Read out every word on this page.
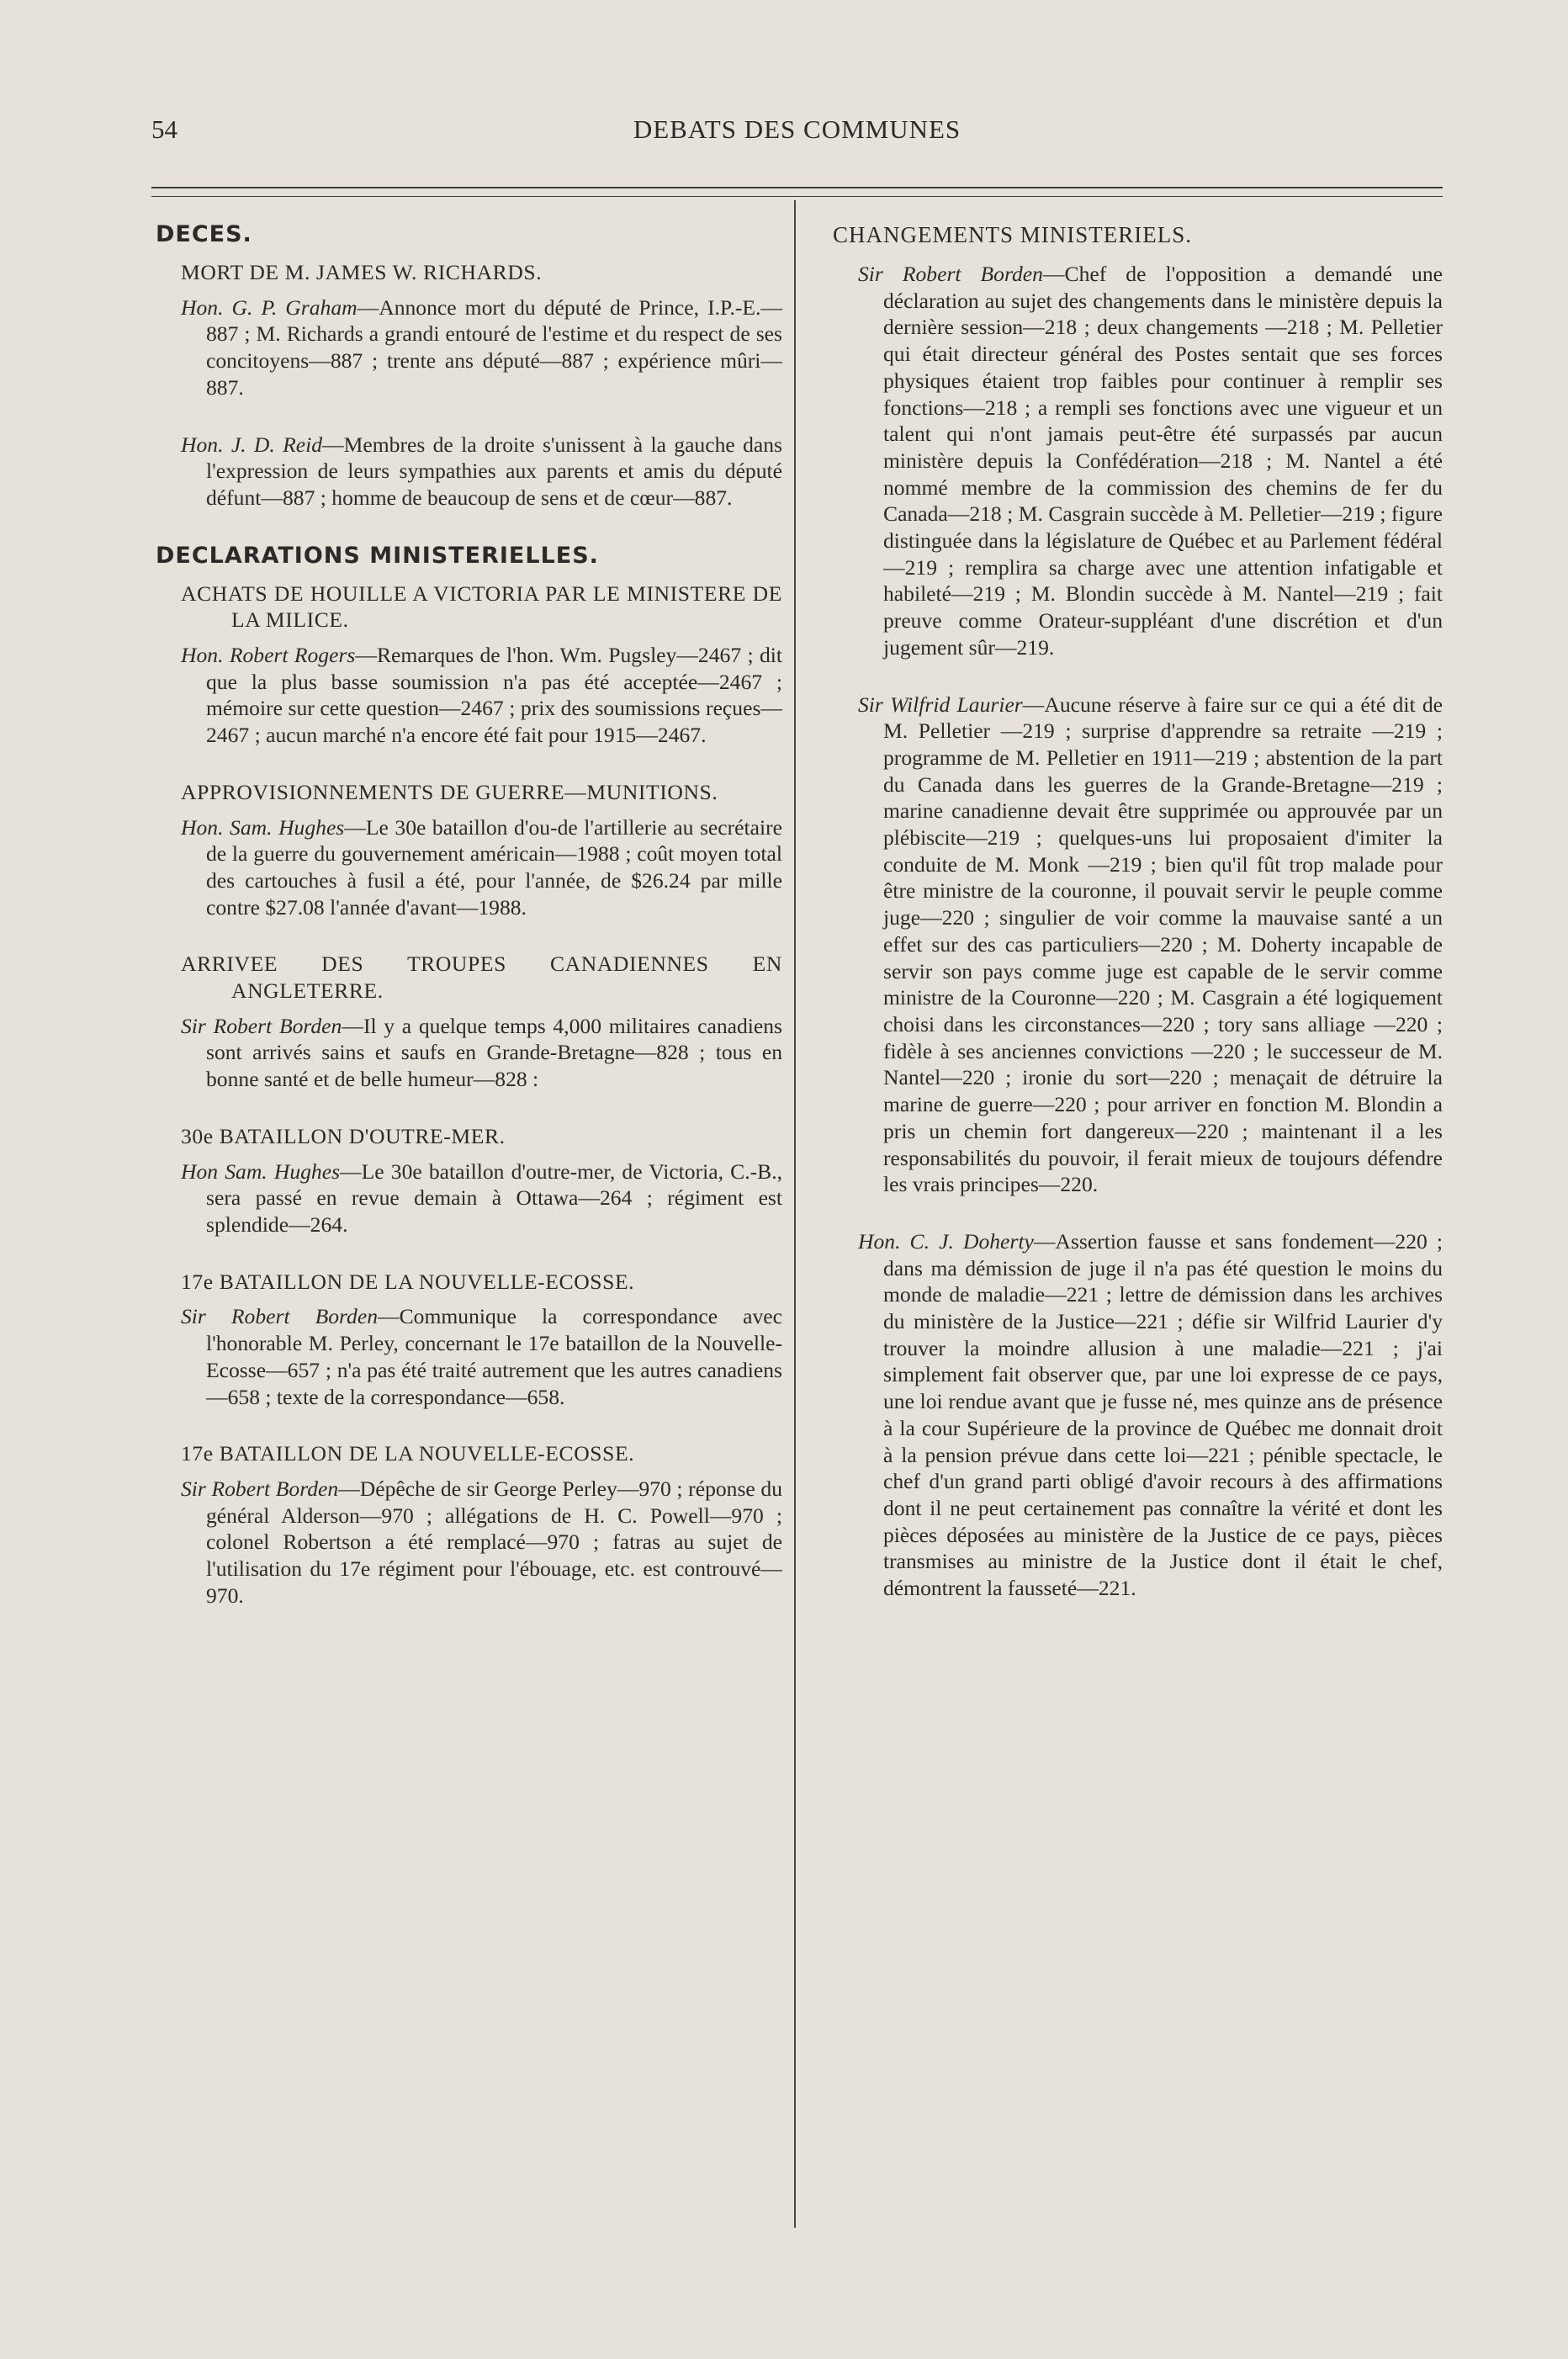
54	DEBATS DES COMMUNES
DECES.
MORT DE M. JAMES W. RICHARDS.

Hon. G. P. Graham—Annonce mort du député de Prince, I.P.-E.—887 ; M. Richards a grandi entouré de l'estime et du respect de ses concitoyens—887 ; trente ans député—887 ; expérience mûri—887.

Hon. J. D. Reid—Membres de la droite s'unissent à la gauche dans l'expression de leurs sympathies aux parents et amis du député défunt—887 ; homme de beaucoup de sens et de cœur—887.

DECLARATIONS MINISTERIELLES.
ACHATS DE HOUILLE A VICTORIA PAR LE MINISTERE DE LA MILICE.

Hon. Robert Rogers—Remarques de l'hon. Wm. Pugsley—2467 ; dit que la plus basse soumission n'a pas été acceptée—2467 ; mémoire sur cette question—2467 ; prix des soumissions reçues—2467 ; aucun marché n'a encore été fait pour 1915—2467.

APPROVISIONNEMENTS DE GUERRE—MUNITIONS.

Hon. Sam. Hughes—Le 30e bataillon d'ou-de l'artillerie au secrétaire de la guerre du gouvernement américain—1988 ; coût moyen total des cartouches à fusil a été, pour l'année, de $26.24 par mille contre $27.08 l'année d'avant—1988.

ARRIVEE DES TROUPES CANADIENNES EN ANGLETERRE.

Sir Robert Borden—Il y a quelque temps 4,000 militaires canadiens sont arrivés sains et saufs en Grande-Bretagne—828 ; tous en bonne santé et de belle humeur—828 :

30e BATAILLON D'OUTRE-MER.

Hon Sam. Hughes—Le 30e bataillon d'outre-mer, de Victoria, C.-B., sera passé en revue demain à Ottawa—264 ; régiment est splendide—264.

17e BATAILLON DE LA NOUVELLE-ECOSSE.

Sir Robert Borden—Communique la correspondance avec l'honorable M. Perley, concernant le 17e bataillon de la Nouvelle-Ecosse—657 ; n'a pas été traité autrement que les autres canadiens—658 ; texte de la correspondance—658.

17e BATAILLON DE LA NOUVELLE-ECOSSE.

Sir Robert Borden—Dépêche de sir George Perley—970 ; réponse du général Alderson—970 ; allégations de H. C. Powell—970 ; colonel Robertson a été remplacé—970 ; fatras au sujet de l'utilisation du 17e régiment pour l'ébouage, etc. est controuvé—970.

CHANGEMENTS MINISTERIELS.

Sir Robert Borden—Chef de l'opposition a demandé une déclaration au sujet des changements dans le ministère depuis la dernière session—218 ; deux changements —218 ; M. Pelletier qui était directeur général des Postes sentait que ses forces physiques étaient trop faibles pour continuer à remplir ses fonctions—218 ; a rempli ses fonctions avec une vigueur et un talent qui n'ont jamais peut-être été surpassés par aucun ministère depuis la Confédération—218 ; M. Nantel a été nommé membre de la commission des chemins de fer du Canada—218 ; M. Casgrain succède à M. Pelletier—219 ; figure distinguée dans la législature de Québec et au Parlement fédéral —219 ; remplira sa charge avec une attention infatigable et habileté—219 ; M. Blondin succède à M. Nantel—219 ; fait preuve comme Orateur-suppléant d'une discrétion et d'un jugement sûr—219.

Sir Wilfrid Laurier—Aucune réserve à faire sur ce qui a été dit de M. Pelletier —219 ; surprise d'apprendre sa retraite —219 ; programme de M. Pelletier en 1911—219 ; abstention de la part du Canada dans les guerres de la Grande-Bretagne—219 ; marine canadienne devait être supprimée ou approuvée par un plébiscite—219 ; quelques-uns lui proposaient d'imiter la conduite de M. Monk —219 ; bien qu'il fût trop malade pour être ministre de la couronne, il pouvait servir le peuple comme juge—220 ; singulier de voir comme la mauvaise santé a un effet sur des cas particuliers—220 ; M. Doherty incapable de servir son pays comme juge est capable de le servir comme ministre de la Couronne—220 ; M. Casgrain a été logiquement choisi dans les circonstances—220 ; tory sans alliage —220 ; fidèle à ses anciennes convictions —220 ; le successeur de M. Nantel—220 ; ironie du sort—220 ; menaçait de détruire la marine de guerre—220 ; pour arriver en fonction M. Blondin a pris un chemin fort dangereux—220 ; maintenant il a les responsabilités du pouvoir, il ferait mieux de toujours défendre les vrais principes—220.

Hon. C. J. Doherty—Assertion fausse et sans fondement—220 ; dans ma démission de juge il n'a pas été question le moins du monde de maladie—221 ; lettre de démission dans les archives du ministère de la Justice—221 ; défie sir Wilfrid Laurier d'y trouver la moindre allusion à une maladie—221 ; j'ai simplement fait observer que, par une loi expresse de ce pays, une loi rendue avant que je fusse né, mes quinze ans de présence à la cour Supérieure de la province de Québec me donnait droit à la pension prévue dans cette loi—221 ; pénible spectacle, le chef d'un grand parti obligé d'avoir recours à des affirmations dont il ne peut certainement pas connaître la vérité et dont les pièces déposées au ministère de la Justice de ce pays, pièces transmises au ministre de la Justice dont il était le chef, démontrent la fausseté—221.
